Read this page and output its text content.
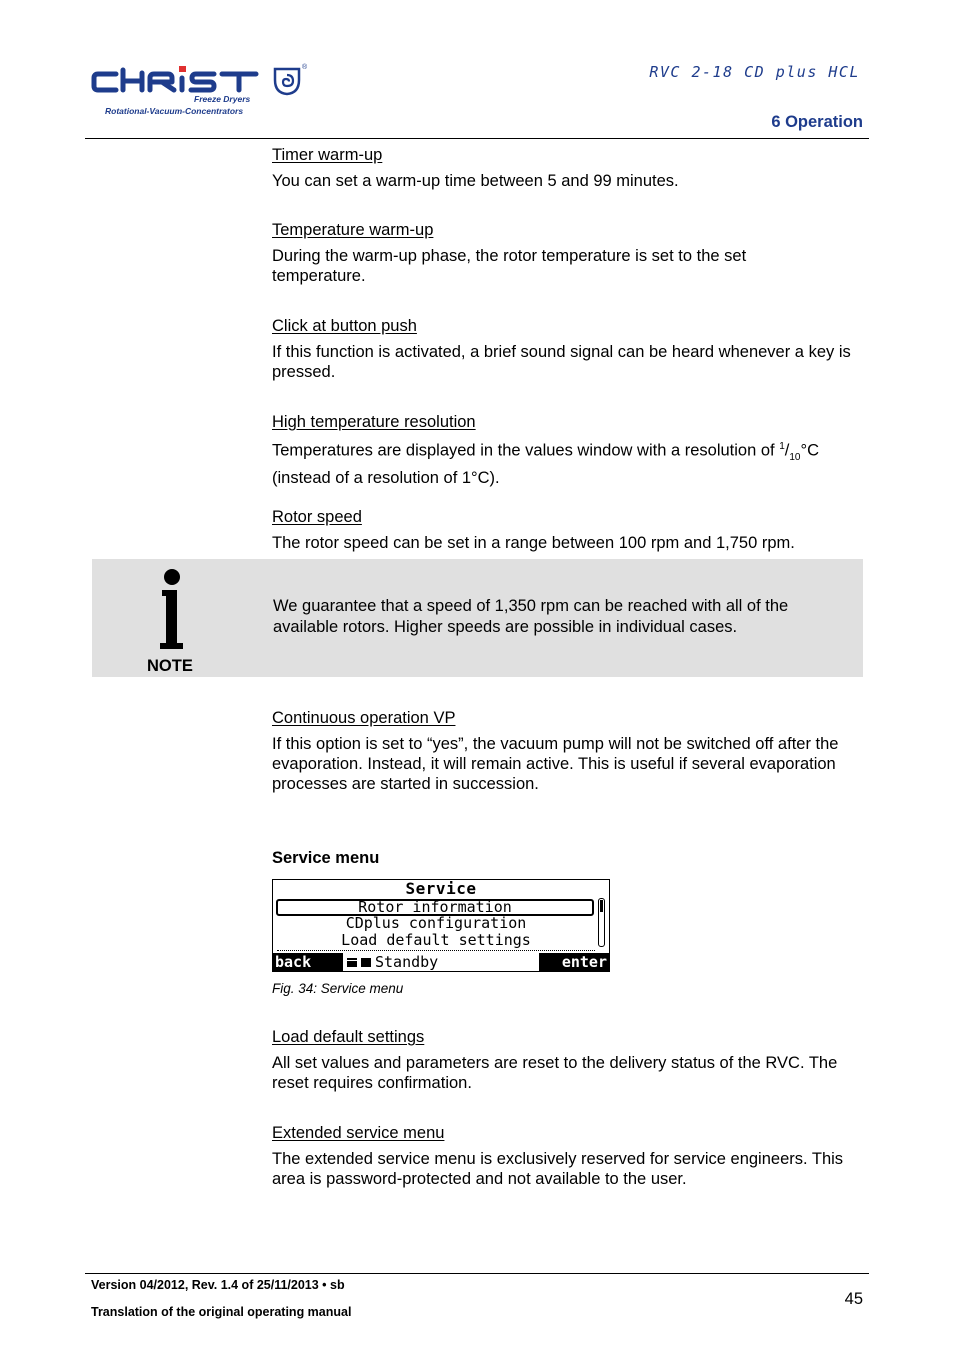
®
Freeze Dryers
Rotational-Vacuum-Concentrators
RVC 2-18 CD plus HCL
6 Operation
Timer warm-up
You can set a warm-up time between 5 and 99 minutes.
Temperature warm-up
During the warm-up phase, the rotor temperature is set to the set temperature.
Click at button push
If this function is activated, a brief sound signal can be heard whenever a key is pressed.
High temperature resolution
Temperatures are displayed in the values window with a resolution of $^1/_{10}^\circ C$ (instead of a resolution of 1°C).
Rotor speed
The rotor speed can be set in a range between 100 rpm and 1,750 rpm.
NOTE
We guarantee that a speed of 1,350 rpm can be reached with all of the available rotors. Higher speeds are possible in individual cases.
Continuous operation VP
If this option is set to “yes”, the vacuum pump will not be switched off after the evaporation. Instead, it will remain active. This is useful if several evaporation processes are started in succession.
Service menu
Service
Rotor information
CDplus configuration
Load default settings
back	Standby	enter
Fig. 34: Service menu
Load default settings
All set values and parameters are reset to the delivery status of the RVC. The reset requires confirmation.
Extended service menu
The extended service menu is exclusively reserved for service engineers. This area is password-protected and not available to the user.
Version 04/2012, Rev. 1.4 of 25/11/2013 • sb
Translation of the original operating manual
45
